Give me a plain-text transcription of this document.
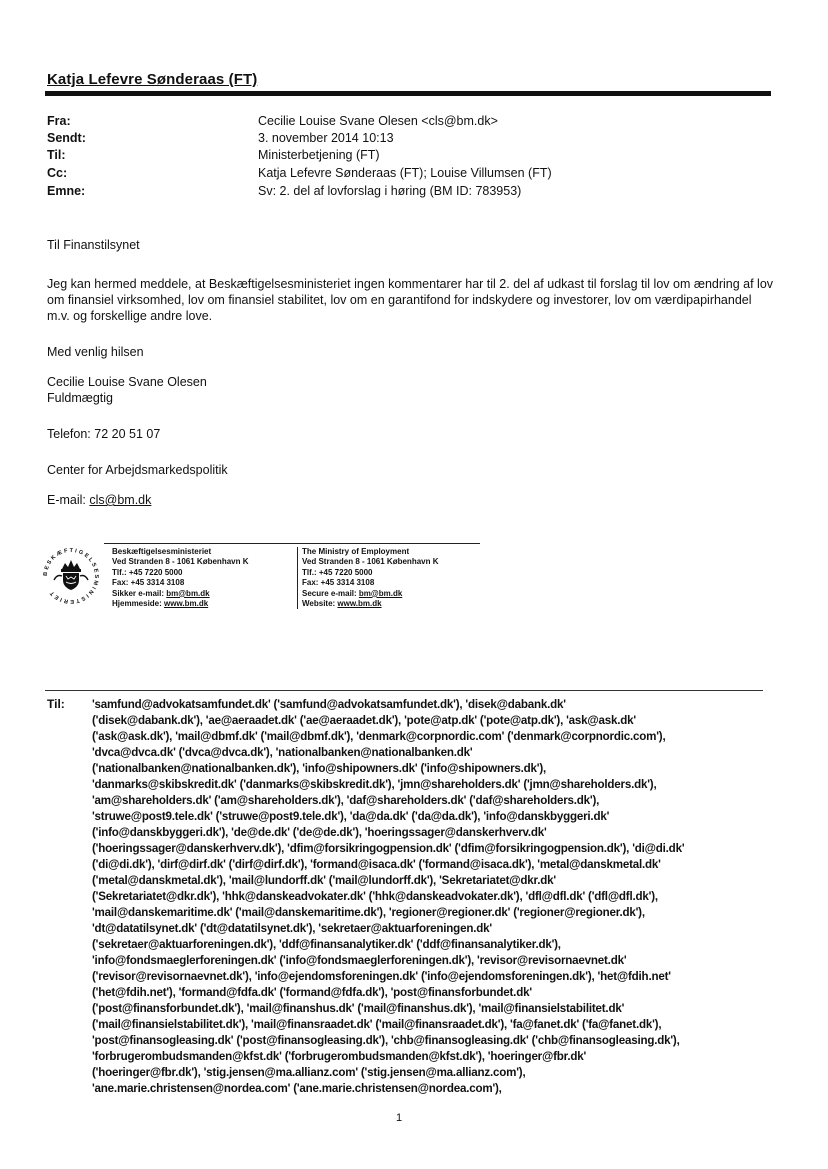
Katja Lefevre Sønderaas (FT)
Fra:	Cecilie Louise Svane Olesen <cls@bm.dk>
Sendt:	3. november 2014 10:13
Til:	Ministerbetjening (FT)
Cc:	Katja Lefevre Sønderaas (FT); Louise Villumsen (FT)
Emne:	Sv: 2. del af lovforslag i høring (BM ID: 783953)
Til Finanstilsynet
Jeg kan hermed meddele, at Beskæftigelsesministeriet ingen kommentarer har til 2. del af udkast til forslag til lov om ændring af lov om finansiel virksomhed, lov om finansiel stabilitet, lov om en garantifond for indskydere og investorer, lov om værdipapirhandel m.v. og forskellige andre love.
Med venlig hilsen
Cecilie Louise Svane Olesen
Fuldmægtig
Telefon: 72 20 51 07
Center for Arbejdsmarkedspolitik
E-mail: cls@bm.dk
BESKÆFTIGELSESMINISTERIET
Beskæftigelsesministeriet
Ved Stranden 8 - 1061 København K
Tlf.: +45 7220 5000
Fax: +45 3314 3108
Sikker e-mail: bm@bm.dk
Hjemmeside: www.bm.dk
The Ministry of Employment
Ved Stranden 8 - 1061 København K
Tlf.: +45 7220 5000
Fax: +45 3314 3108
Secure e-mail: bm@bm.dk
Website: www.bm.dk
Til: 'samfund@advokatsamfundet.dk' ('samfund@advokatsamfundet.dk'), 'disek@dabank.dk'
('disek@dabank.dk'), 'ae@aeraadet.dk' ('ae@aeraadet.dk'), 'pote@atp.dk' ('pote@atp.dk'), 'ask@ask.dk'
('ask@ask.dk'), 'mail@dbmf.dk' ('mail@dbmf.dk'), 'denmark@corpnordic.com' ('denmark@corpnordic.com'),
'dvca@dvca.dk' ('dvca@dvca.dk'), 'nationalbanken@nationalbanken.dk'
('nationalbanken@nationalbanken.dk'), 'info@shipowners.dk' ('info@shipowners.dk'),
'danmarks@skibskredit.dk' ('danmarks@skibskredit.dk'), 'jmn@shareholders.dk' ('jmn@shareholders.dk'),
'am@shareholders.dk' ('am@shareholders.dk'), 'daf@shareholders.dk' ('daf@shareholders.dk'),
'struwe@post9.tele.dk' ('struwe@post9.tele.dk'), 'da@da.dk' ('da@da.dk'), 'info@danskbyggeri.dk'
('info@danskbyggeri.dk'), 'de@de.dk' ('de@de.dk'), 'hoeringssager@danskerhverv.dk'
('hoeringssager@danskerhverv.dk'), 'dfim@forsikringogpension.dk' ('dfim@forsikringogpension.dk'), 'di@di.dk'
('di@di.dk'), 'dirf@dirf.dk' ('dirf@dirf.dk'), 'formand@isaca.dk' ('formand@isaca.dk'), 'metal@danskmetal.dk'
('metal@danskmetal.dk'), 'mail@lundorff.dk' ('mail@lundorff.dk'), 'Sekretariatet@dkr.dk'
('Sekretariatet@dkr.dk'), 'hhk@danskeadvokater.dk' ('hhk@danskeadvokater.dk'), 'dfl@dfl.dk' ('dfl@dfl.dk'),
'mail@danskemaritime.dk' ('mail@danskemaritime.dk'), 'regioner@regioner.dk' ('regioner@regioner.dk'),
'dt@datatilsynet.dk' ('dt@datatilsynet.dk'), 'sekretaer@aktuarforeningen.dk'
('sekretaer@aktuarforeningen.dk'), 'ddf@finansanalytiker.dk' ('ddf@finansanalytiker.dk'),
'info@fondsmaeglerforeningen.dk' ('info@fondsmaeglerforeningen.dk'), 'revisor@revisornaevnet.dk'
('revisor@revisornaevnet.dk'), 'info@ejendomsforeningen.dk' ('info@ejendomsforeningen.dk'), 'het@fdih.net'
('het@fdih.net'), 'formand@fdfa.dk' ('formand@fdfa.dk'), 'post@finansforbundet.dk'
('post@finansforbundet.dk'), 'mail@finanshus.dk' ('mail@finanshus.dk'), 'mail@finansielstabilitet.dk'
('mail@finansielstabilitet.dk'), 'mail@finansraadet.dk' ('mail@finansraadet.dk'), 'fa@fanet.dk' ('fa@fanet.dk'),
'post@finansogleasing.dk' ('post@finansogleasing.dk'), 'chb@finansogleasing.dk' ('chb@finansogleasing.dk'),
'forbrugerombudsmanden@kfst.dk' ('forbrugerombudsmanden@kfst.dk'), 'hoeringer@fbr.dk'
('hoeringer@fbr.dk'), 'stig.jensen@ma.allianz.com' ('stig.jensen@ma.allianz.com'),
'ane.marie.christensen@nordea.com' ('ane.marie.christensen@nordea.com'),
1
